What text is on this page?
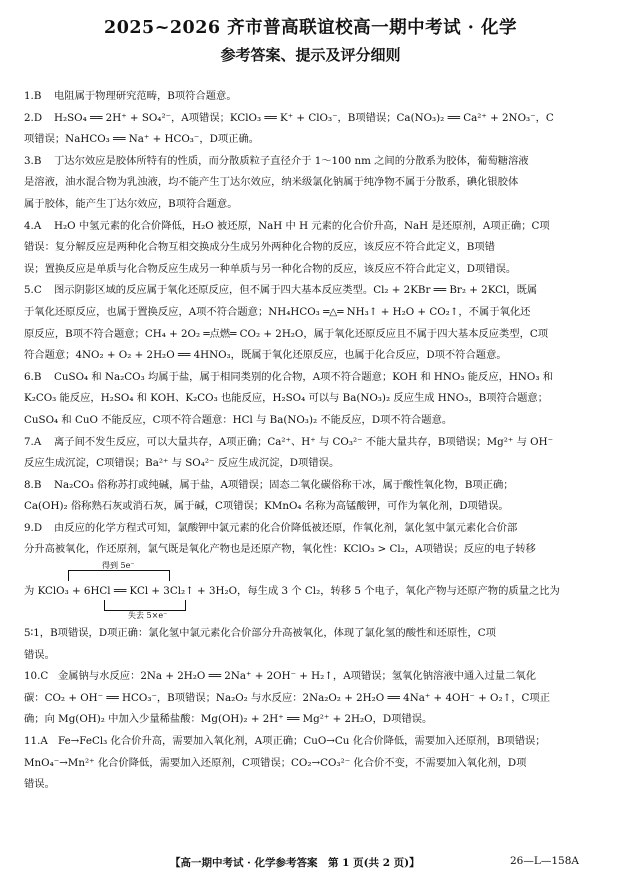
2025~2026 齐市普高联谊校高一期中考试 · 化学
参考答案、提示及评分细则
1.B	电阻属于物理研究范畴，B项符合题意。
2.D	H₂SO₄ ══ 2H⁺ + SO₄²⁻，A项错误；KClO₃ ══ K⁺ + ClO₃⁻，B项错误；Ca(NO₃)₂ ══ Ca²⁺ + 2NO₃⁻，C
项错误；NaHCO₃ ══ Na⁺ + HCO₃⁻，D项正确。
3.B	丁达尔效应是胶体所特有的性质，而分散质粒子直径介于 1～100 nm 之间的分散系为胶体，葡萄糖溶液
是溶液，油水混合物为乳浊液，均不能产生丁达尔效应，纳米级氯化钠属于纯净物不属于分散系，碘化银胶体
属于胶体，能产生丁达尔效应，B项符合题意。
4.A	H₂O 中氢元素的化合价降低，H₂O 被还原，NaH 中 H 元素的化合价升高，NaH 是还原剂，A项正确；C项
错误：复分解反应是两种化合物互相交换成分生成另外两种化合物的反应，该反应不符合此定义，B项错
误；置换反应是单质与化合物反应生成另一种单质与另一种化合物的反应，该反应不符合此定义，D项错误。
5.C	图示阴影区域的反应属于氧化还原反应，但不属于四大基本反应类型。Cl₂ + 2KBr ══ Br₂ + 2KCl，既属
于氧化还原反应，也属于置换反应，A项不符合题意；NH₄HCO₃ ═△═ NH₃↑ + H₂O + CO₂↑，不属于氧化还
原反应，B项不符合题意；CH₄ + 2O₂ ═点燃═ CO₂ + 2H₂O，属于氧化还原反应且不属于四大基本反应类型，C项
符合题意；4NO₂ + O₂ + 2H₂O ══ 4HNO₃，既属于氧化还原反应，也属于化合反应，D项不符合题意。
6.B	CuSO₄ 和 Na₂CO₃ 均属于盐，属于相同类别的化合物，A项不符合题意；KOH 和 HNO₃ 能反应，HNO₃ 和
K₂CO₃ 能反应，H₂SO₄ 和 KOH、K₂CO₃ 也能反应，H₂SO₄ 可以与 Ba(NO₃)₂ 反应生成 HNO₃，B项符合题意；
CuSO₄ 和 CuO 不能反应，C项不符合题意：HCl 与 Ba(NO₃)₂ 不能反应，D项不符合题意。
7.A	离子间不发生反应，可以大量共存，A项正确；Ca²⁺、H⁺ 与 CO₃²⁻ 不能大量共存，B项错误；Mg²⁺ 与 OH⁻
反应生成沉淀，C项错误；Ba²⁺ 与 SO₄²⁻ 反应生成沉淀，D项错误。
8.B	Na₂CO₃ 俗称苏打或纯碱，属于盐，A项错误；固态二氧化碳俗称干冰，属于酸性氧化物，B项正确；
Ca(OH)₂ 俗称熟石灰或消石灰，属于碱，C项错误；KMnO₄ 名称为高锰酸钾，可作为氧化剂，D项错误。
9.D	由反应的化学方程式可知，氯酸钾中氯元素的化合价降低被还原，作氧化剂，氯化氢中氯元素化合价部
分升高被氧化，作还原剂，氯气既是氧化产物也是还原产物，氧化性：KClO₃ > Cl₂，A项错误；反应的电子转移
得到 5e⁻
为 KClO₃ + 6HCl ══ KCl + 3Cl₂↑ + 3H₂O，每生成 3 个 Cl₂，转移 5 个电子，氧化产物与还原产物的质量之比为
失去 5×e⁻
5∶1，B项错误，D项正确：氯化氢中氯元素化合价部分升高被氧化，体现了氯化氢的酸性和还原性，C项
错误。
10.C 金属钠与水反应：2Na + 2H₂O ══ 2Na⁺ + 2OH⁻ + H₂↑，A项错误；氢氧化钠溶液中通入过量二氧化
碳：CO₂ + OH⁻ ══ HCO₃⁻，B项错误；Na₂O₂ 与水反应：2Na₂O₂ + 2H₂O ══ 4Na⁺ + 4OH⁻ + O₂↑，C项正
确；向 Mg(OH)₂ 中加入少量稀盐酸：Mg(OH)₂ + 2H⁺ ══ Mg²⁺ + 2H₂O，D项错误。
11.A Fe→FeCl₃ 化合价升高，需要加入氧化剂，A项正确；CuO→Cu 化合价降低，需要加入还原剂，B项错误；
MnO₄⁻→Mn²⁺ 化合价降低，需要加入还原剂，C项错误；CO₂→CO₃²⁻ 化合价不变，不需要加入氧化剂，D项
错误。
【高一期中考试 · 化学参考答案　第 1 页(共 2 页)】	26—L—158A
